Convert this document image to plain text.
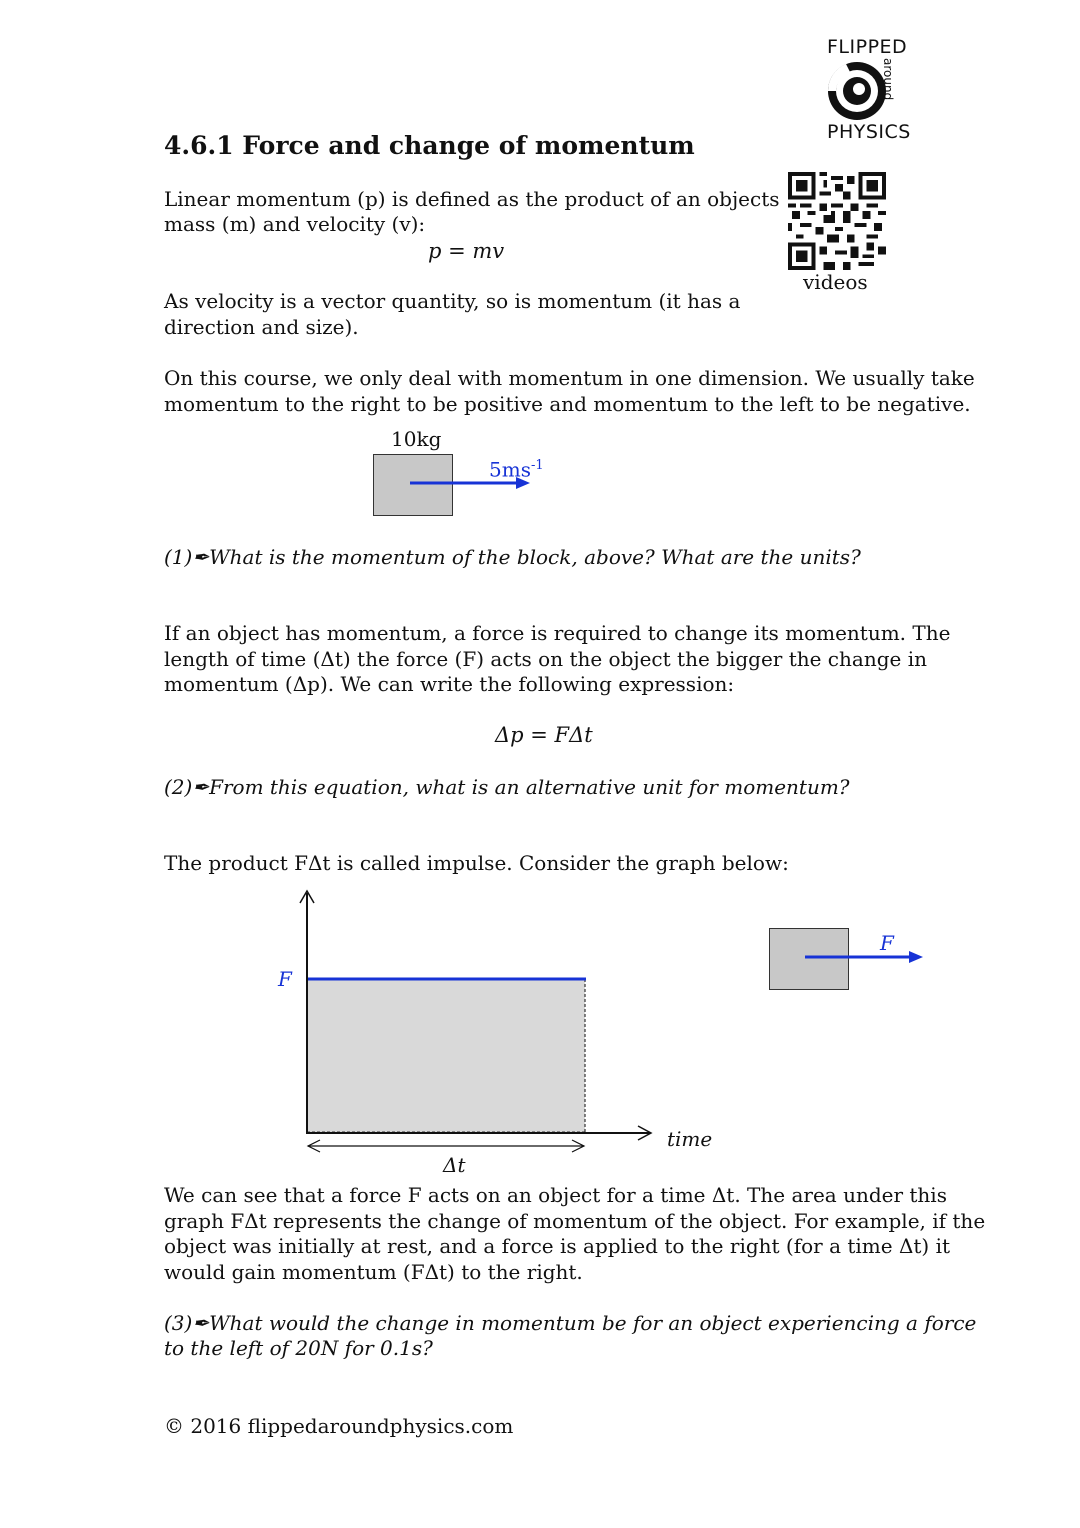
FLIPPED
around
PHYSICS
videos
4.6.1 Force and change of momentum
Linear momentum (p) is defined as the product of an objects
mass (m) and velocity (v):
p = mv
As velocity is a vector quantity, so is momentum (it has a
direction and size).
On this course, we only deal with momentum in one dimension. We usually take
momentum to the right to be positive and momentum to the left to be negative.
10kg
$5ms^{-1}$
(1)✒What is the momentum of the block, above? What are the units?
If an object has momentum, a force is required to change its momentum. The
length of time (Δt) the force (F) acts on the object the bigger the change in
momentum (Δp). We can write the following expression:
Δp = FΔt
(2)✒From this equation, what is an alternative unit for momentum?
The product FΔt is called impulse. Consider the graph below:
F
time
Δt
F
We can see that a force F acts on an object for a time Δt. The area under this
graph FΔt represents the change of momentum of the object. For example, if the
object was initially at rest, and a force is applied to the right (for a time Δt) it
would gain momentum (FΔt) to the right.
(3)✒What would the change in momentum be for an object experiencing a force
to the left of 20N for 0.1s?
© 2016 flippedaroundphysics.com
